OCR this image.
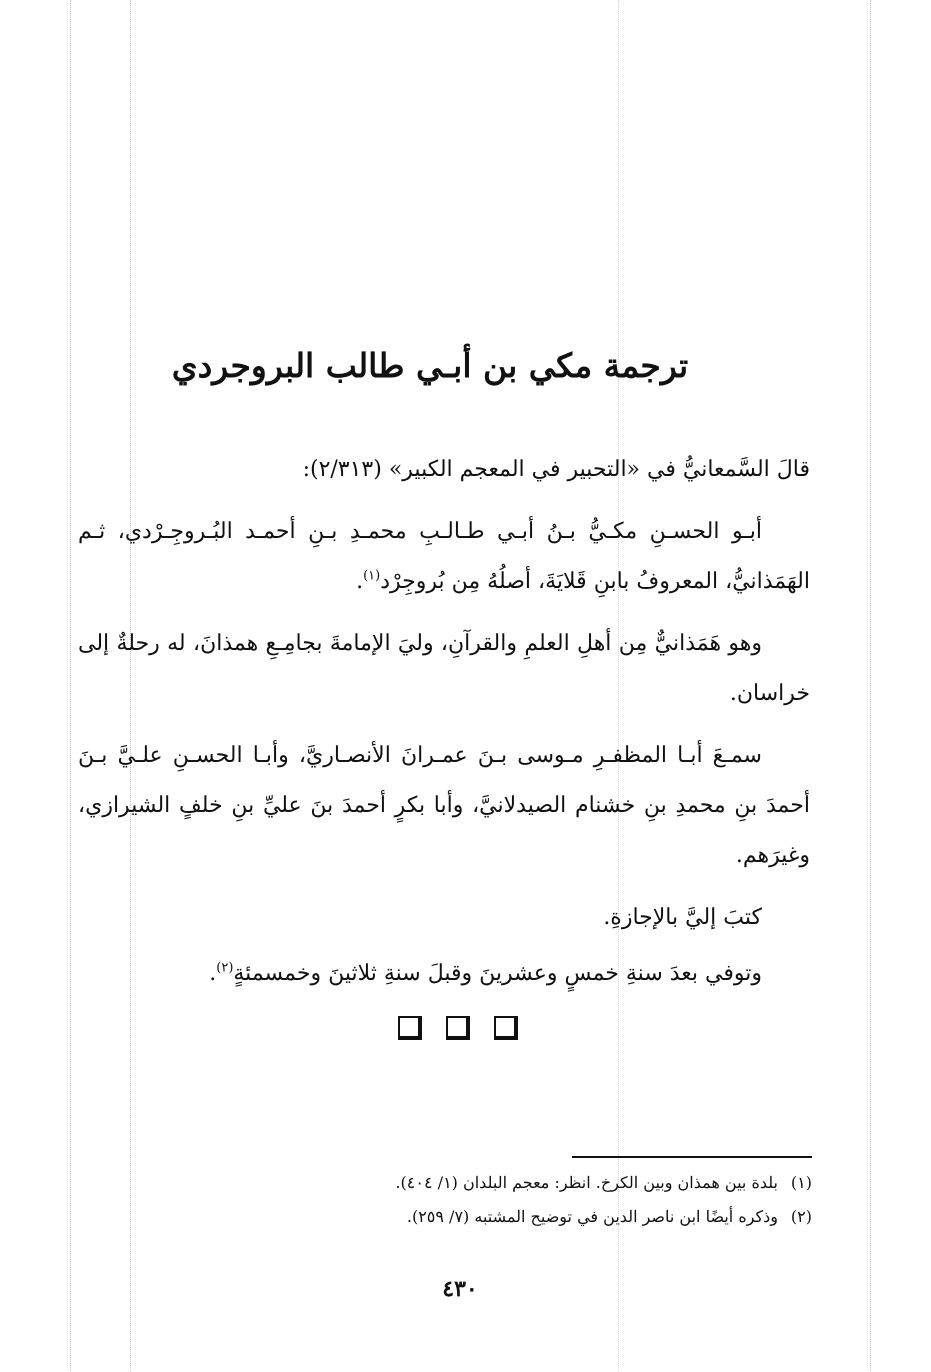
ترجمة مكي بن أبـي طالب البروجردي

قالَ السَّمعانيُّ في «التحبير في المعجم الكبير» (٢/٣١٣):

أبـو الحسـنِ مكـيُّ بـنُ أبـي طـالـبِ محمـدِ بـنِ أحمـد البُـروجِـرْدي، ثـم الهَمَذانيُّ، المعروفُ بابنِ قَلايَةَ، أصلُهُ مِن بُروجِرْد$^{(١)}$.

وهو هَمَذانيٌّ مِن أهلِ العلمِ والقرآنِ، وليَ الإمامةَ بجامِـعِ همذانَ، له رحلةٌ إلى خراسان.

سمـعَ أبـا المظفـرِ مـوسى بـنَ عمـرانَ الأنصـاريَّ، وأبـا الحسـنِ علـيَّ بـنَ أحمدَ بنِ محمدِ بنِ خشنام الصيدلانيَّ، وأبا بكرٍ أحمدَ بنَ عليِّ بنِ خلفٍ الشيرازي، وغيرَهم.

كتبَ إليَّ بالإجازةِ.

وتوفي بعدَ سنةِ خمسٍ وعشرينَ وقبلَ سنةِ ثلاثينَ وخمسمئةٍ$^{(٢)}$.

(١)
بلدة بين همذان وبين الكرخ. انظر: معجم البلدان (١/ ٤٠٤).
(٢)
وذكره أيضًا ابن ناصر الدين في توضيح المشتبه (٧/ ٢٥٩).
٤٣٠
